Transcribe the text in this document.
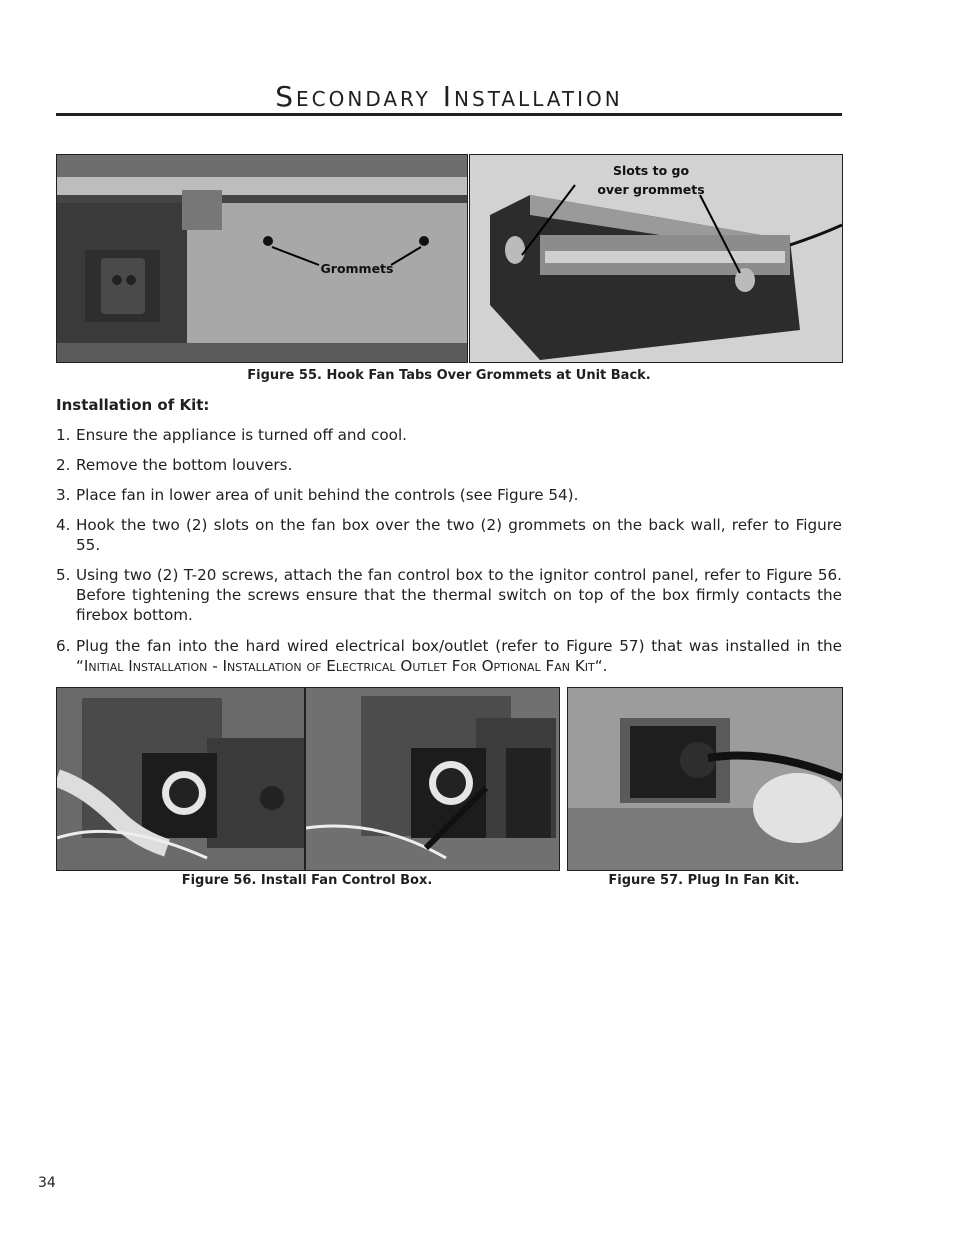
Secondary Installation
Grommets
Slots to go
over grommets
Figure 55. Hook Fan Tabs Over Grommets at Unit Back.
Installation of Kit:
1. Ensure the appliance is turned off and cool.
2. Remove the bottom louvers.
3. Place fan in lower area of unit behind the controls (see Figure 54).
4. Hook the two (2) slots on the fan box over the two (2) grommets on the back wall, refer to Figure 55.
5. Using two (2) T-20 screws, attach the fan control box to the ignitor control panel, refer to Figure 56. Before tightening the screws ensure that the thermal switch on top of the box firmly contacts the firebox bottom.
6. Plug the fan into the hard wired electrical box/outlet (refer to Figure 57) that was installed in the “Initial Installation - Installation of Electrical Outlet For Optional Fan Kit“.
Figure 56. Install Fan Control Box.	Figure 57. Plug In Fan Kit.
34
